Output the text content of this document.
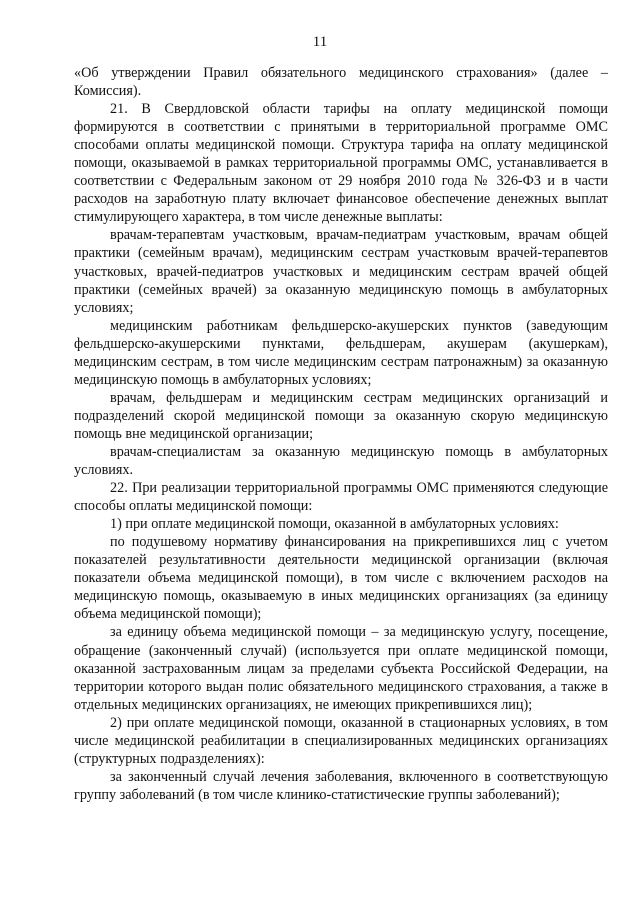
11

«Об утверждении Правил обязательного медицинского страхования» (далее – Комиссия).

21. В Свердловской области тарифы на оплату медицинской помощи формируются в соответствии с принятыми в территориальной программе ОМС способами оплаты медицинской помощи. Структура тарифа на оплату медицинской помощи, оказываемой в рамках территориальной программы ОМС, устанавливается в соответствии с Федеральным законом от 29 ноября 2010 года № 326-ФЗ и в части расходов на заработную плату включает финансовое обеспечение денежных выплат стимулирующего характера, в том числе денежные выплаты:

врачам-терапевтам участковым, врачам-педиатрам участковым, врачам общей практики (семейным врачам), медицинским сестрам участковым врачей-терапевтов участковых, врачей-педиатров участковых и медицинским сестрам врачей общей практики (семейных врачей) за оказанную медицинскую помощь в амбулаторных условиях;

медицинским работникам фельдшерско-акушерских пунктов (заведующим фельдшерско-акушерскими пунктами, фельдшерам, акушерам (акушеркам), медицинским сестрам, в том числе медицинским сестрам патронажным) за оказанную медицинскую помощь в амбулаторных условиях;

врачам, фельдшерам и медицинским сестрам медицинских организаций и подразделений скорой медицинской помощи за оказанную скорую медицинскую помощь вне медицинской организации;

врачам-специалистам за оказанную медицинскую помощь в амбулаторных условиях.

22. При реализации территориальной программы ОМС применяются следующие способы оплаты медицинской помощи:

1) при оплате медицинской помощи, оказанной в амбулаторных условиях:

по подушевому нормативу финансирования на прикрепившихся лиц с учетом показателей результативности деятельности медицинской организации (включая показатели объема медицинской помощи), в том числе с включением расходов на медицинскую помощь, оказываемую в иных медицинских организациях (за единицу объема медицинской помощи);

за единицу объема медицинской помощи – за медицинскую услугу, посещение, обращение (законченный случай) (используется при оплате медицинской помощи, оказанной застрахованным лицам за пределами субъекта Российской Федерации, на территории которого выдан полис обязательного медицинского страхования, а также в отдельных медицинских организациях, не имеющих прикрепившихся лиц);

2) при оплате медицинской помощи, оказанной в стационарных условиях, в том числе медицинской реабилитации в специализированных медицинских организациях (структурных подразделениях):

за законченный случай лечения заболевания, включенного в соответствующую группу заболеваний (в том числе клинико-статистические группы заболеваний);
